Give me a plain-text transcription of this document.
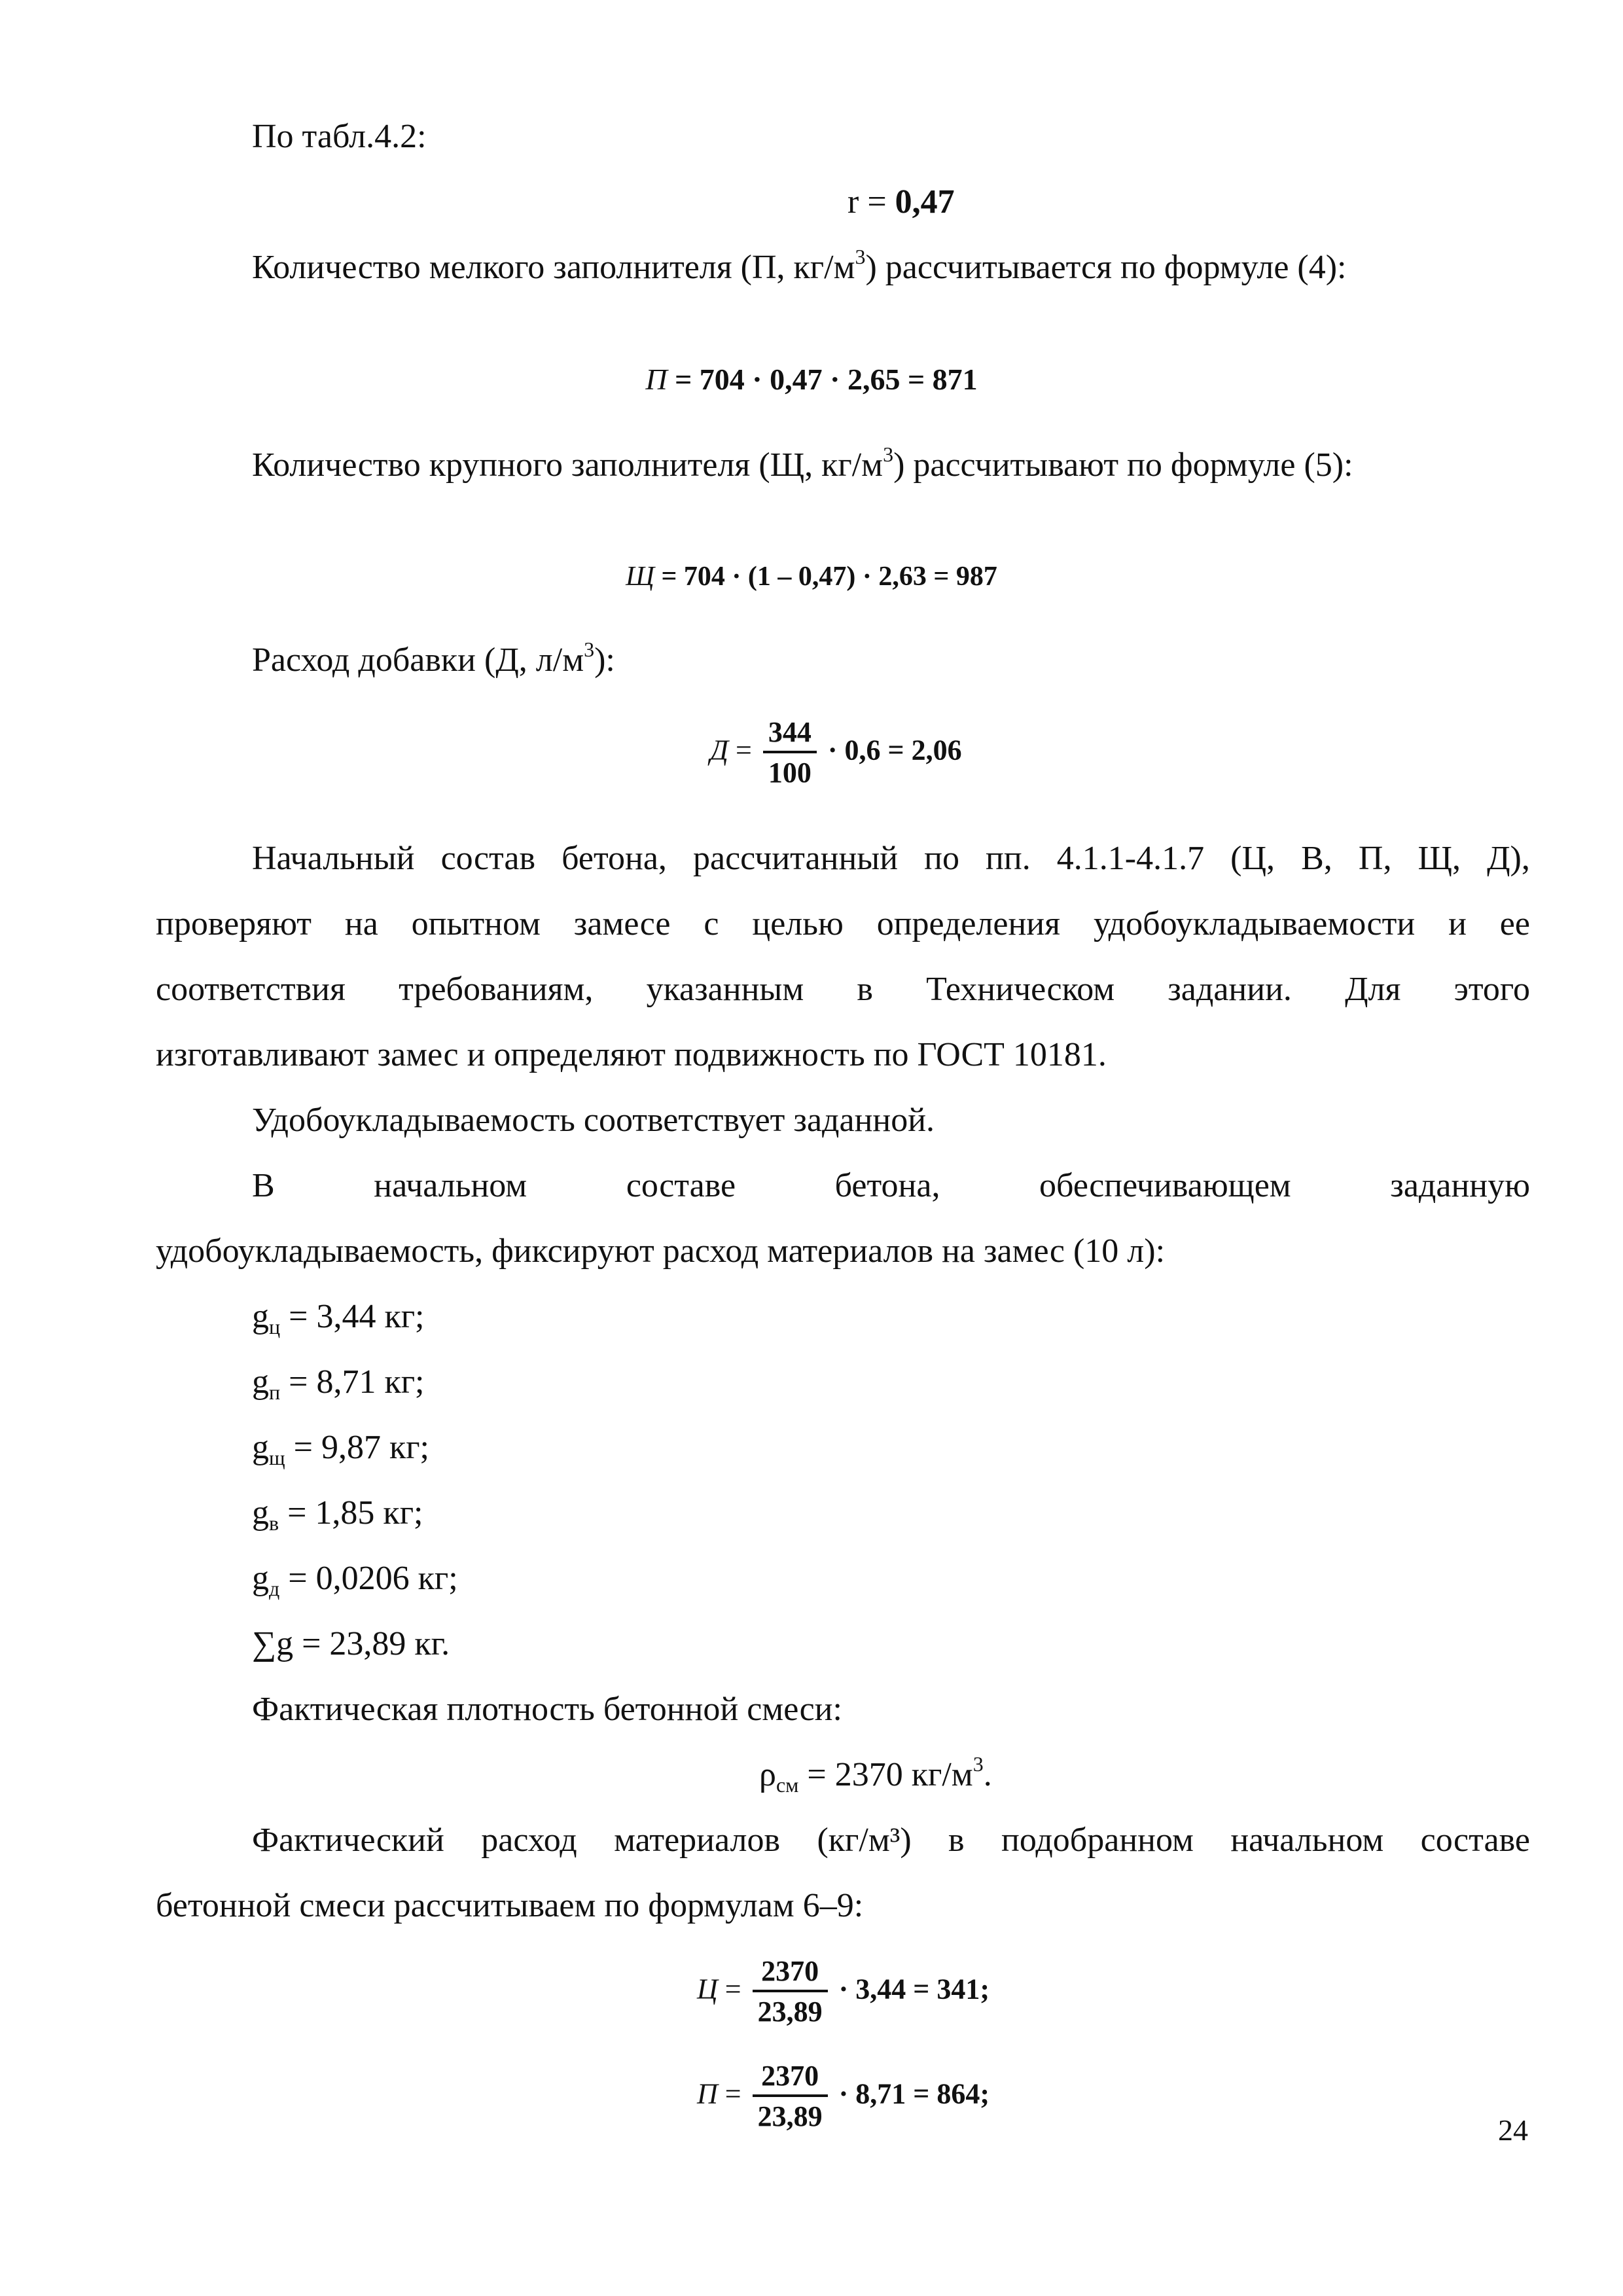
По табл.4.2:
r = 0,47
Количество мелкого заполнителя (П, $кг/м^3$) рассчитывается по формуле (4):
П = 704 · 0,47 · 2,65 = 871
Количество крупного заполнителя (Щ, $кг/м^3$) рассчитывают по формуле (5):
Щ = 704 · (1 – 0,47) · 2,63 = 987
Расход добавки (Д, $л/м^3$):
$Д = \frac{344}{100} \cdot 0,6 = 2,06$
Начальный состав бетона, рассчитанный по пп. 4.1.1-4.1.7 (Ц, В, П, Щ, Д),
проверяют на опытном замесе с целью определения удобоукладываемости и ее
соответствия требованиям, указанным в Техническом задании. Для этого
изготавливают замес и определяют подвижность по ГОСТ 10181.
Удобоукладываемость соответствует заданной.
В	начальном	составе	бетона,	обеспечивающем	заданную
удобоукладываемость, фиксируют расход материалов на замес (10 л):
$g_ц = 3,44$ кг;
$g_п = 8,71$ кг;
$g_щ = 9,87$ кг;
$g_в = 1,85$ кг;
$g_д = 0,0206$ кг;
∑g = 23,89 кг.
Фактическая плотность бетонной смеси:
$\rho_{см} = 2370$ $кг/м^3$.
Фактический расход материалов (кг/м³) в подобранном начальном составе
бетонной смеси рассчитываем по формулам 6–9:
$Ц = \frac{2370}{23,89} \cdot 3,44 = 341$;
$П = \frac{2370}{23,89} \cdot 8,71 = 864$;
24
